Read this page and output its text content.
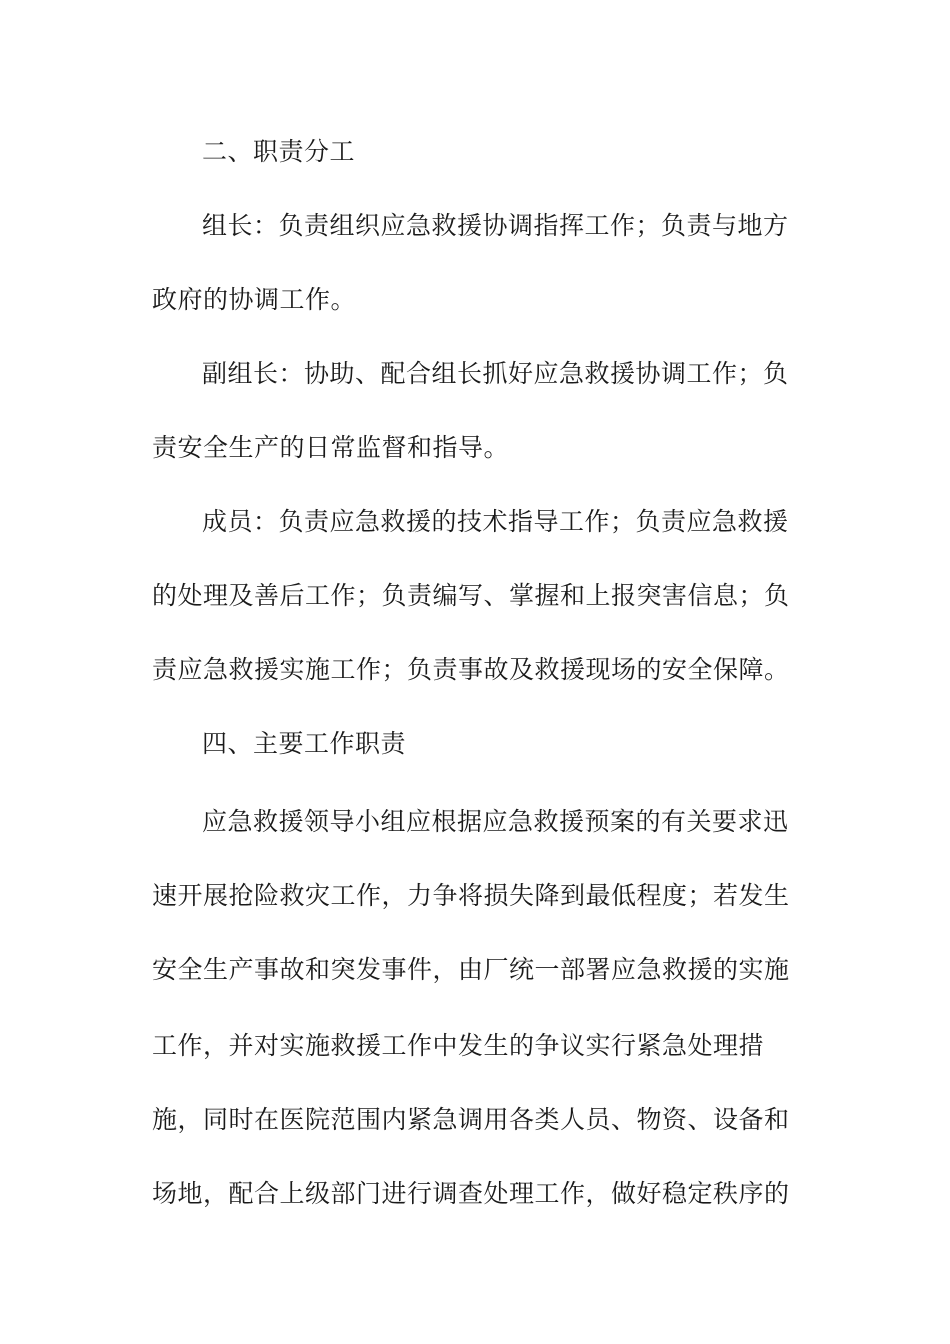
二、职责分工
组长：负责组织应急救援协调指挥工作；负责与地方
政府的协调工作。
副组长：协助、配合组长抓好应急救援协调工作；负
责安全生产的日常监督和指导。
成员：负责应急救援的技术指导工作；负责应急救援
的处理及善后工作；负责编写、掌握和上报突害信息；负
责应急救援实施工作；负责事故及救援现场的安全保障。
四、主要工作职责
应急救援领导小组应根据应急救援预案的有关要求迅
速开展抢险救灾工作，力争将损失降到最低程度；若发生
安全生产事故和突发事件，由厂统一部署应急救援的实施
工作，并对实施救援工作中发生的争议实行紧急处理措
施，同时在医院范围内紧急调用各类人员、物资、设备和
场地，配合上级部门进行调查处理工作，做好稳定秩序的
